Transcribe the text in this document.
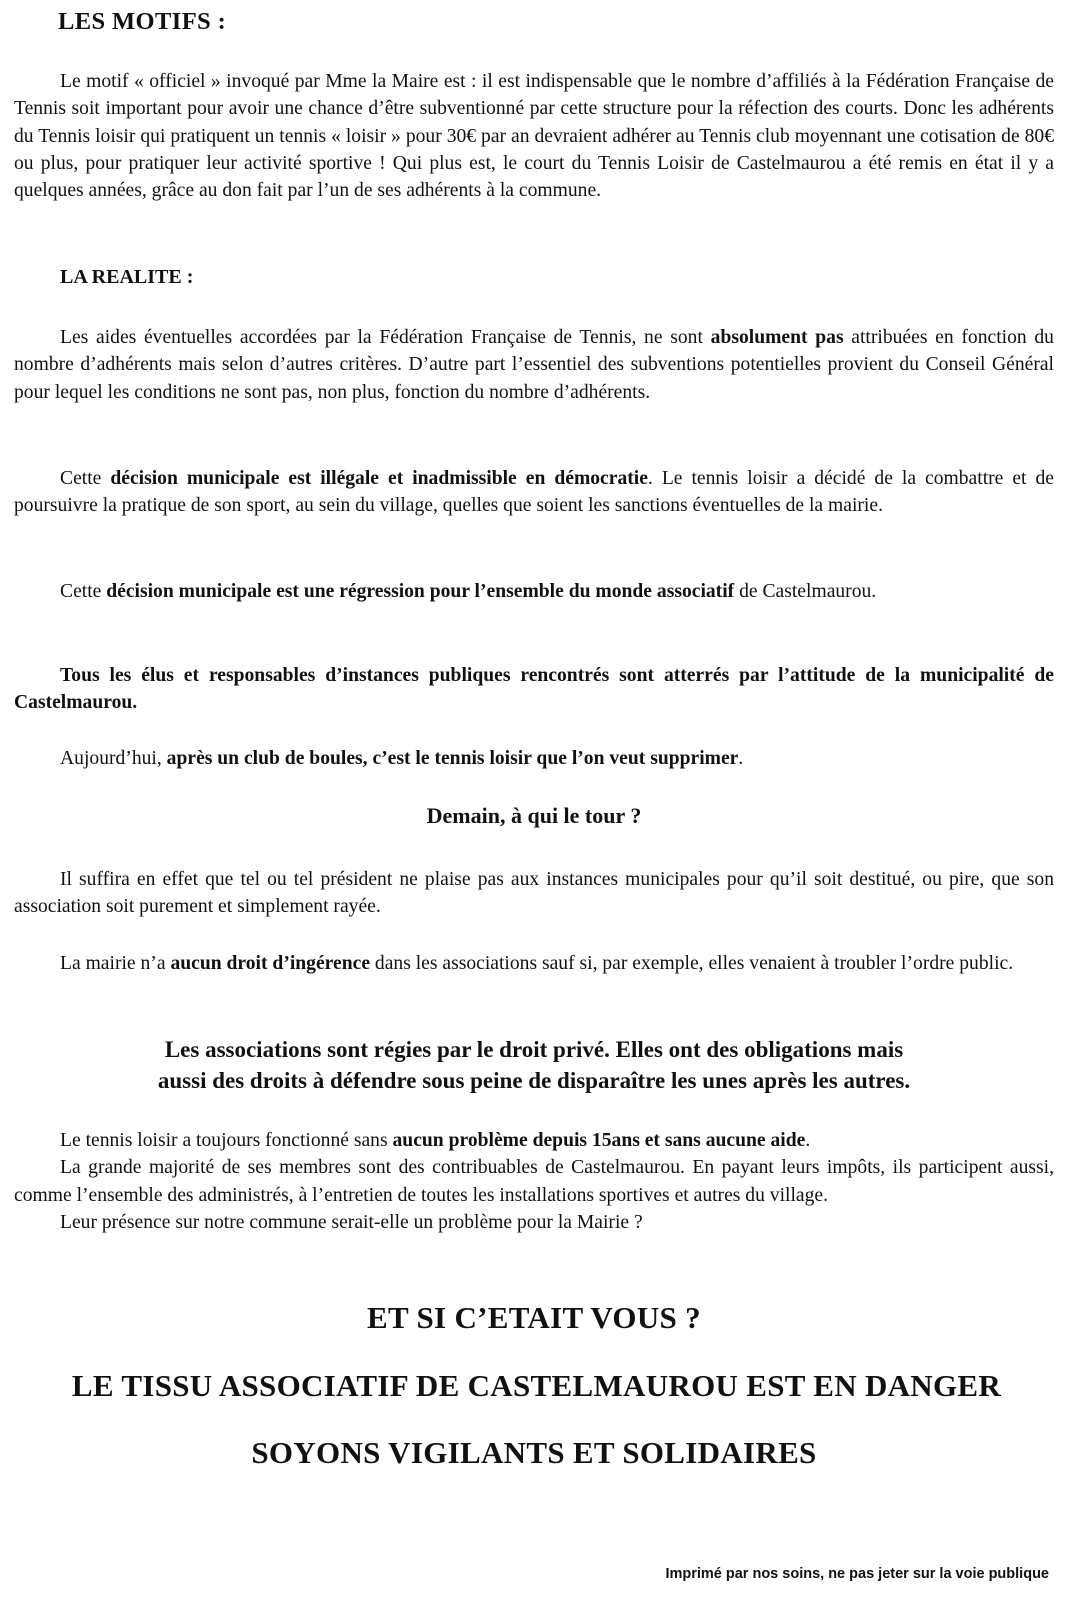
LES MOTIFS :

Le motif « officiel » invoqué par Mme la Maire est : il est indispensable que le nombre d’affiliés à la Fédération Française de Tennis soit important pour avoir une chance d’être subventionné par cette structure pour la réfection des courts. Donc les adhérents du Tennis loisir qui pratiquent un tennis « loisir » pour 30€ par an devraient adhérer au Tennis club moyennant une cotisation de 80€ ou plus, pour pratiquer leur activité sportive ! Qui plus est, le court du Tennis Loisir de Castelmaurou a été remis en état il y a quelques années, grâce au don fait par l’un de ses adhérents à la commune.

LA REALITE :

Les aides éventuelles accordées par la Fédération Française de Tennis, ne sont absolument pas attribuées en fonction du nombre d’adhérents mais selon d’autres critères. D’autre part l’essentiel des subventions potentielles provient du Conseil Général pour lequel les conditions ne sont pas, non plus, fonction du nombre d’adhérents.

Cette décision municipale est illégale et inadmissible en démocratie. Le tennis loisir a décidé de la combattre et de poursuivre la pratique de son sport, au sein du village, quelles que soient les sanctions éventuelles de la mairie.

Cette décision municipale est une régression pour l’ensemble du monde associatif de Castelmaurou.

Tous les élus et responsables d’instances publiques rencontrés sont atterrés par l’attitude de la municipalité de Castelmaurou.

Aujourd’hui, après un club de boules, c’est le tennis loisir que l’on veut supprimer.

Demain, à qui le tour ?

Il suffira en effet que tel ou tel président ne plaise pas aux instances municipales pour qu’il soit destitué, ou pire, que son association soit purement et simplement rayée.

La mairie n’a aucun droit d’ingérence dans les associations sauf si, par exemple, elles venaient à troubler l’ordre public.

Les associations sont régies par le droit privé. Elles ont des obligations mais
aussi des droits à défendre sous peine de disparaître les unes après les autres.
Le tennis loisir a toujours fonctionné sans aucun problème depuis 15ans et sans aucune aide.
La grande majorité de ses membres sont des contribuables de Castelmaurou. En payant leurs impôts, ils participent aussi, comme l’ensemble des administrés, à l’entretien de toutes les installations sportives et autres du village.
Leur présence sur notre commune serait-elle un problème pour la Mairie ?
ET SI C’ETAIT VOUS ?
LE TISSU ASSOCIATIF DE CASTELMAUROU EST EN DANGER
SOYONS VIGILANTS ET SOLIDAIRES
Imprimé par nos soins, ne pas jeter sur la voie publique
